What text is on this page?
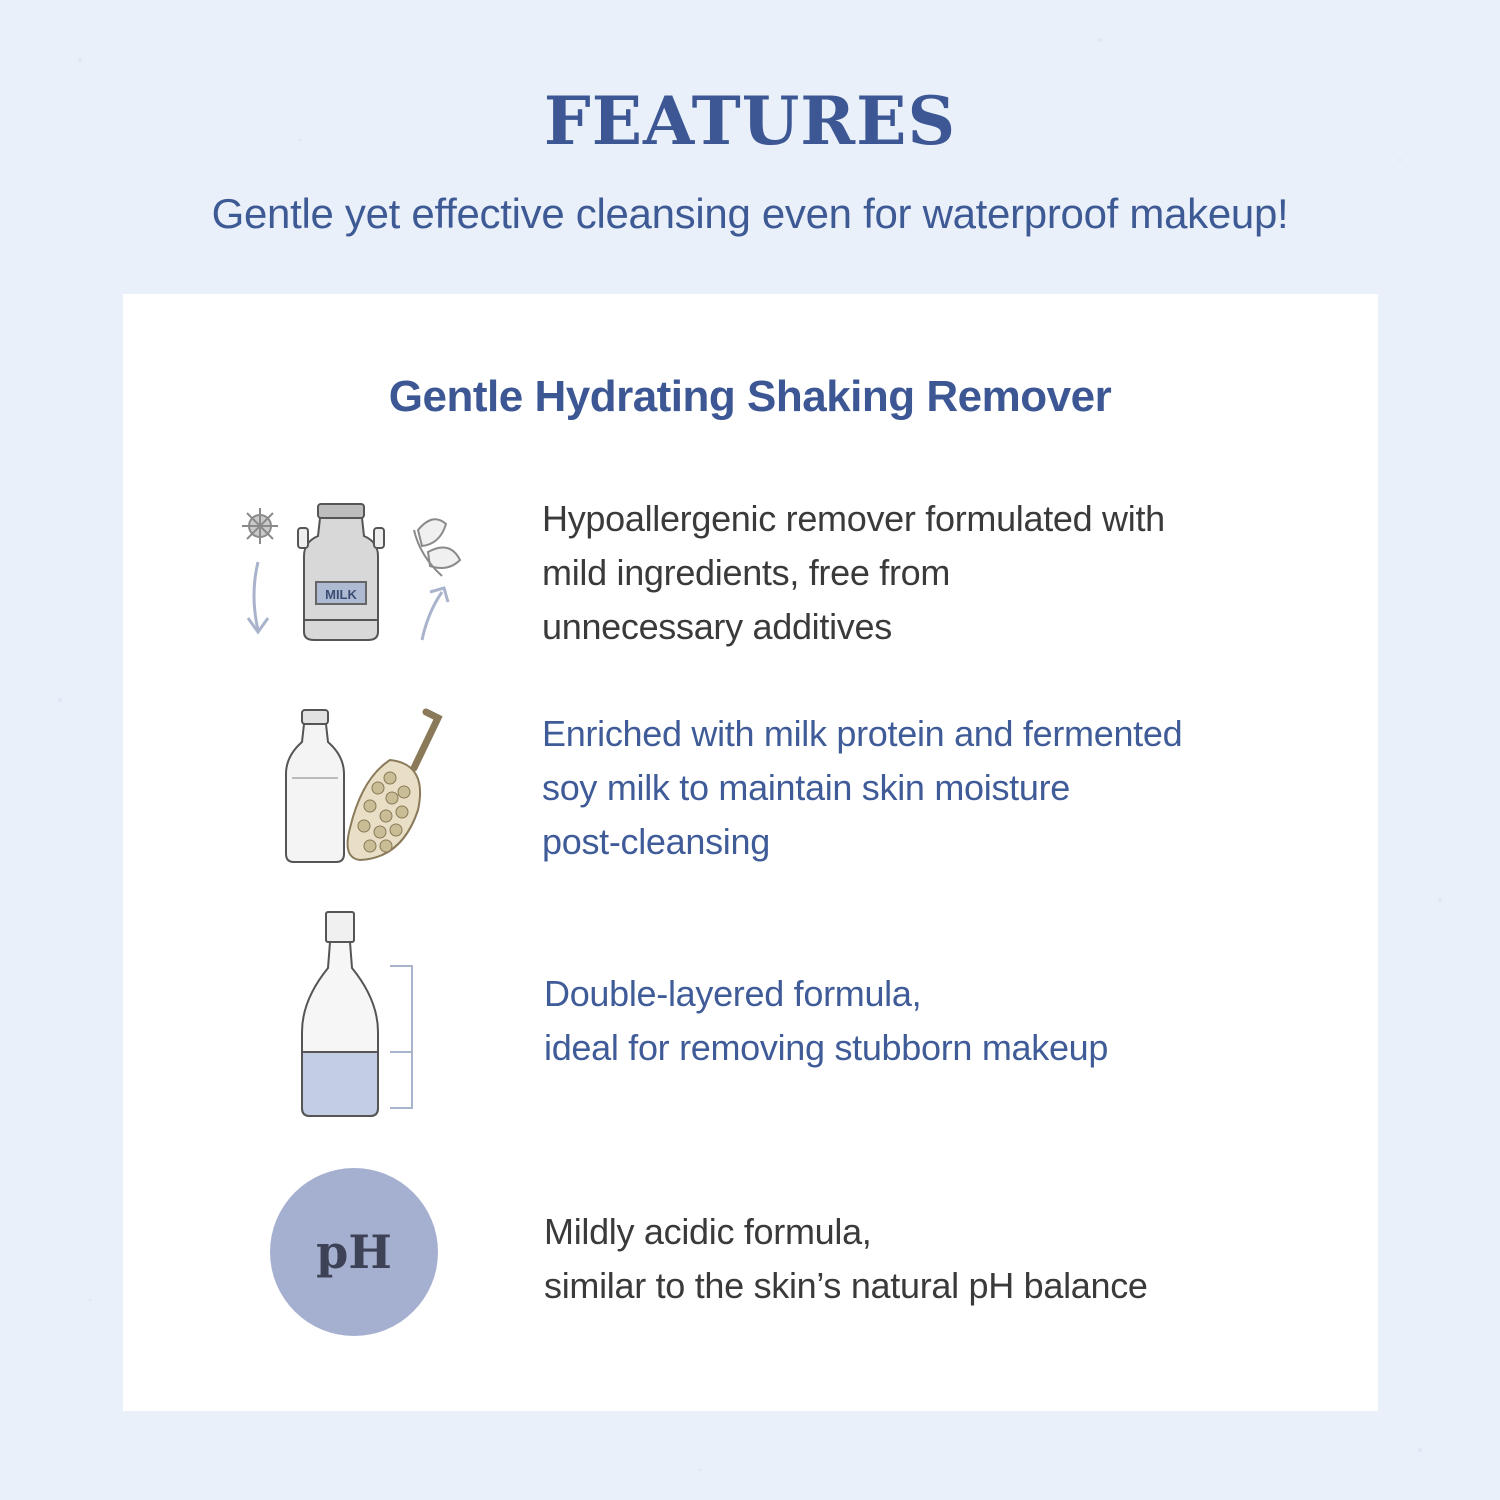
FEATURES

Gentle yet effective cleansing even for waterproof makeup!

Gentle Hydrating Shaking Remover
MILK

Hypoallergenic remover formulated with
mild ingredients, free from
unnecessary additives

Enriched with milk protein and fermented
soy milk to maintain skin moisture
post-cleansing

Double-layered formula,
ideal for removing stubborn makeup

pH	Mildly acidic formula,
similar to the skin’s natural pH balance
